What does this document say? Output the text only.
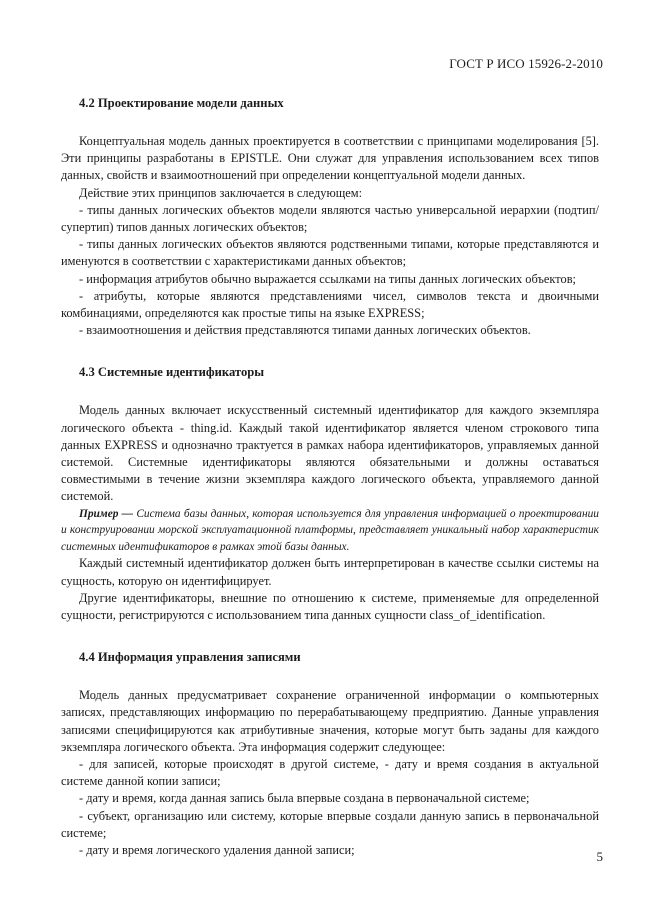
ГОСТ Р ИСО 15926-2-2010
4.2 Проектирование модели данных

Концептуальная модель данных проектируется в соответствии с принципами моделирования [5]. Эти принципы разработаны в EPISTLE. Они служат для управления использованием всех типов данных, свойств и взаимоотношений при определении концептуальной модели данных.

Действие этих принципов заключается в следующем:

- типы данных логических объектов модели являются частью универсальной иерархии (подтип/супертип) типов данных логических объектов;

- типы данных логических объектов являются родственными типами, которые представляются и именуются в соответствии с характеристиками данных объектов;

- информация атрибутов обычно выражается ссылками на типы данных логических объектов;

- атрибуты, которые являются представлениями чисел, символов текста и двоичными комбинациями, определяются как простые типы на языке EXPRESS;

- взаимоотношения и действия представляются типами данных логических объектов.

4.3 Системные идентификаторы

Модель данных включает искусственный системный идентификатор для каждого экземпляра логического объекта - thing.id. Каждый такой идентификатор является членом строкового типа данных EXPRESS и однозначно трактуется в рамках набора идентификаторов, управляемых данной системой. Системные идентификаторы являются обязательными и должны оставаться совместимыми в течение жизни экземпляра каждого логического объекта, управляемого данной системой.

Пример — Система базы данных, которая используется для управления информацией о проектировании и конструировании морской эксплуатационной платформы, представляет уникальный набор характеристик системных идентификаторов в рамках этой базы данных.

Каждый системный идентификатор должен быть интерпретирован в качестве ссылки системы на сущность, которую он идентифицирует.

Другие идентификаторы, внешние по отношению к системе, применяемые для определенной сущности, регистрируются с использованием типа данных сущности class_of_identification.

4.4 Информация управления записями

Модель данных предусматривает сохранение ограниченной информации о компьютерных записях, представляющих информацию по перерабатывающему предприятию. Данные управления записями специфицируются как атрибутивные значения, которые могут быть заданы для каждого экземпляра логического объекта. Эта информация содержит следующее:

- для записей, которые происходят в другой системе, - дату и время создания в актуальной системе данной копии записи;

- дату и время, когда данная запись была впервые создана в первоначальной системе;

- субъект, организацию или систему, которые впервые создали данную запись в первоначальной системе;

- дату и время логического удаления данной записи;	5
